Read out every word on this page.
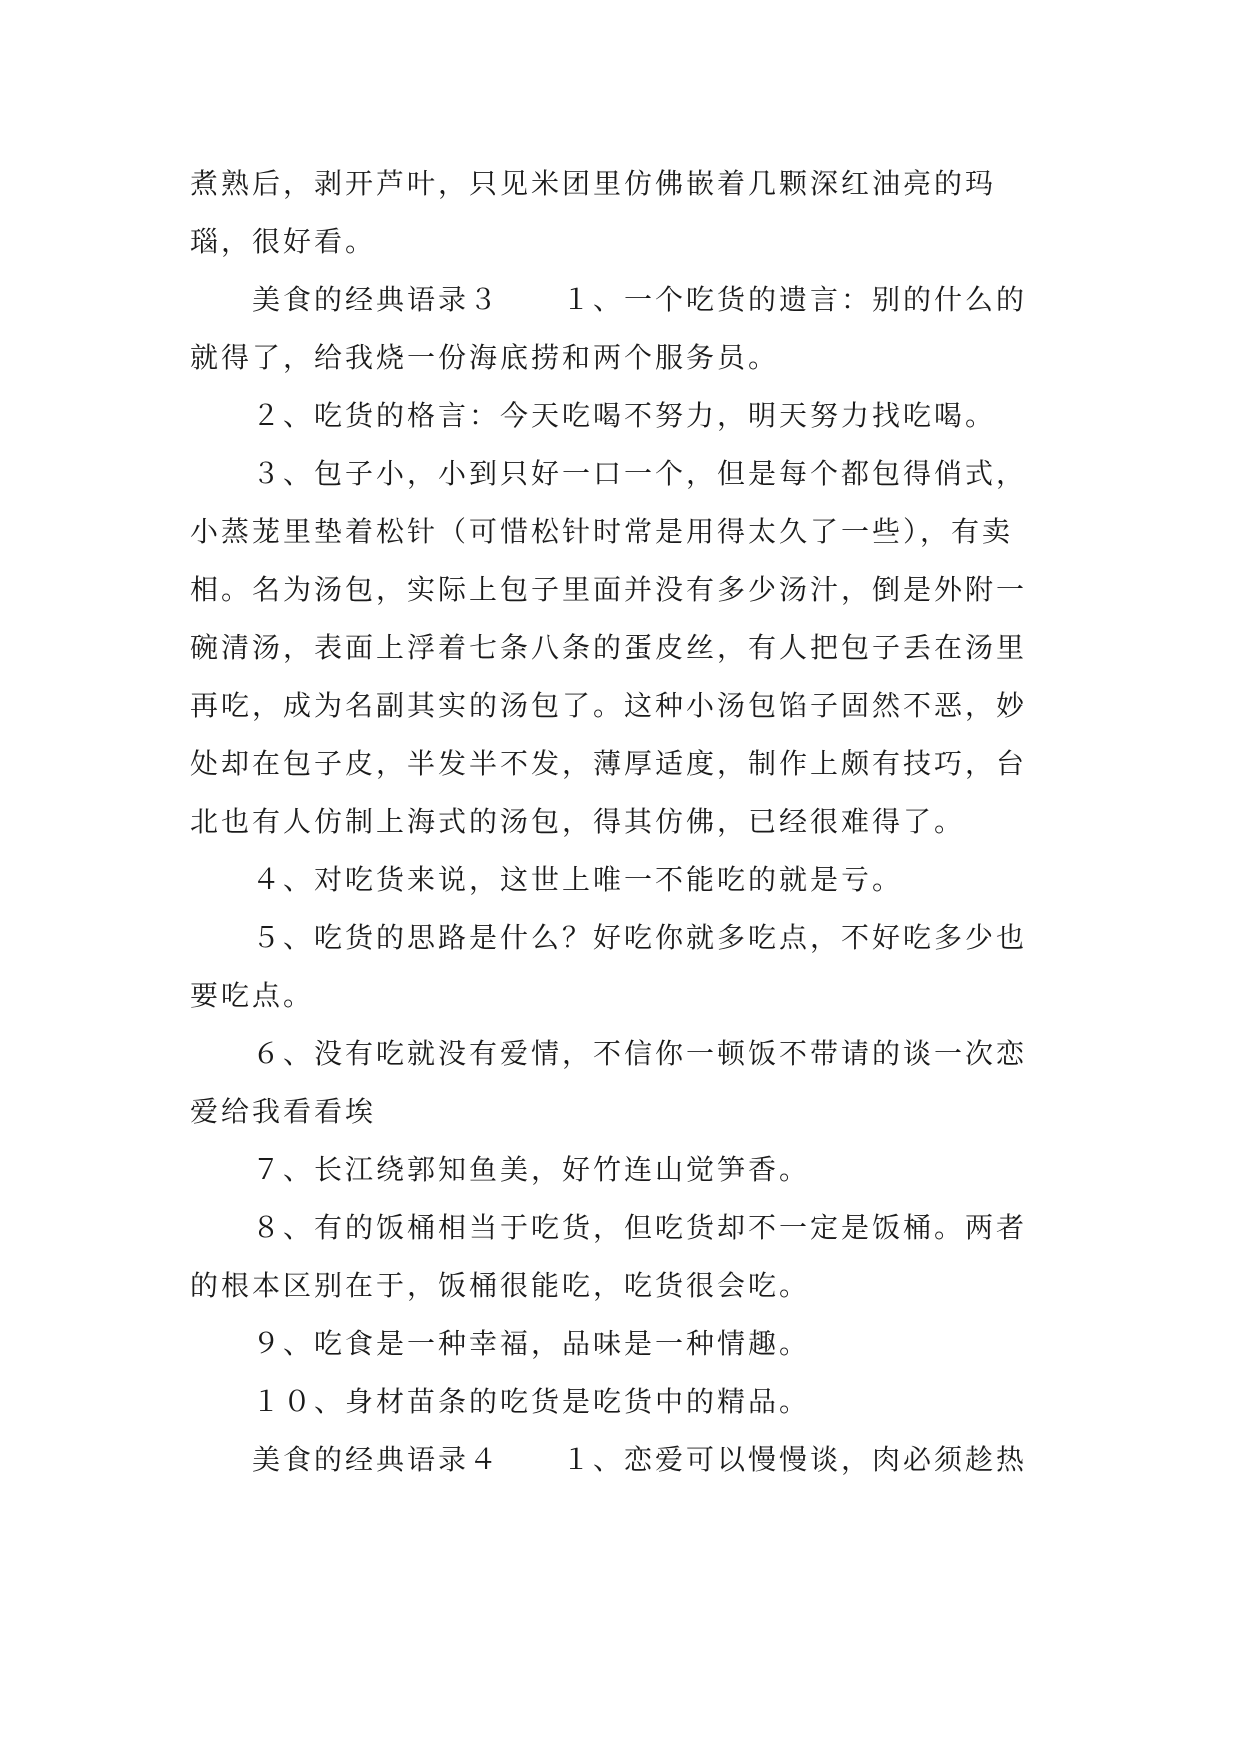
煮熟后，剥开芦叶，只见米团里仿佛嵌着几颗深红油亮的玛瑙，很好看。

美食的经典语录３　　１、一个吃货的遗言：别的什么的就得了，给我烧一份海底捞和两个服务员。

２、吃货的格言：今天吃喝不努力，明天努力找吃喝。

３、包子小，小到只好一口一个，但是每个都包得俏式，小蒸茏里垫着松针（可惜松针时常是用得太久了一些），有卖相。名为汤包，实际上包子里面并没有多少汤汁，倒是外附一碗清汤，表面上浮着七条八条的蛋皮丝，有人把包子丢在汤里再吃，成为名副其实的汤包了。这种小汤包馅子固然不恶，妙处却在包子皮，半发半不发，薄厚适度，制作上颇有技巧，台北也有人仿制上海式的汤包，得其仿佛，已经很难得了。

４、对吃货来说，这世上唯一不能吃的就是亏。

５、吃货的思路是什么？好吃你就多吃点，不好吃多少也要吃点。

６、没有吃就没有爱情，不信你一顿饭不带请的谈一次恋爱给我看看埃

７、长江绕郭知鱼美，好竹连山觉笋香。

８、有的饭桶相当于吃货，但吃货却不一定是饭桶。两者的根本区别在于，饭桶很能吃，吃货很会吃。

９、吃食是一种幸福，品味是一种情趣。

１０、身材苗条的吃货是吃货中的精品。

美食的经典语录４　　１、恋爱可以慢慢谈，肉必须趁热
